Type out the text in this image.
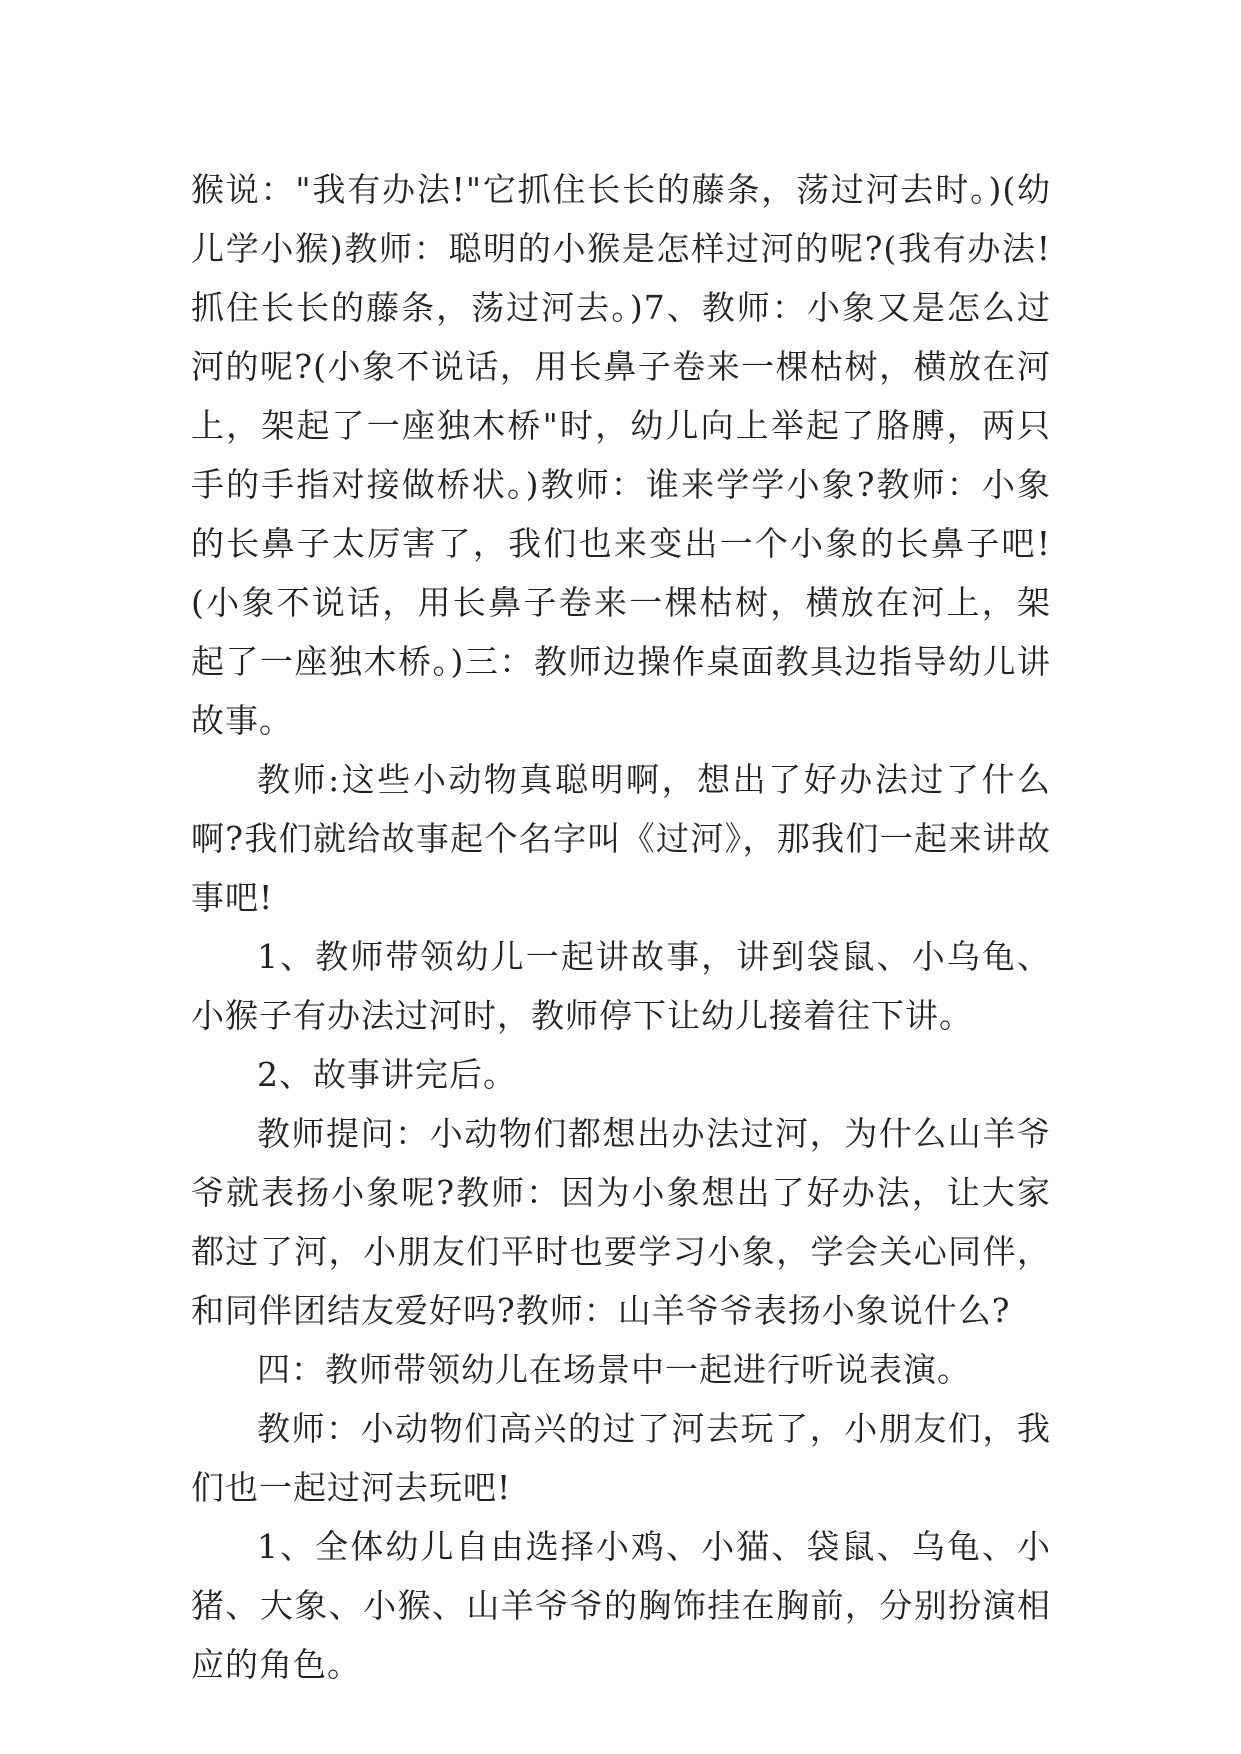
猴说："我有办法!"它抓住长长的藤条，荡过河去时。)(幼儿学小猴)教师：聪明的小猴是怎样过河的呢?(我有办法!抓住长长的藤条，荡过河去。)7、教师：小象又是怎么过河的呢?(小象不说话，用长鼻子卷来一棵枯树，横放在河上，架起了一座独木桥"时，幼儿向上举起了胳膊，两只手的手指对接做桥状。)教师：谁来学学小象?教师：小象的长鼻子太厉害了，我们也来变出一个小象的长鼻子吧!(小象不说话，用长鼻子卷来一棵枯树，横放在河上，架起了一座独木桥。)三：教师边操作桌面教具边指导幼儿讲故事。

教师:这些小动物真聪明啊，想出了好办法过了什么啊?我们就给故事起个名字叫《过河》，那我们一起来讲故事吧!

1、教师带领幼儿一起讲故事，讲到袋鼠、小乌龟、小猴子有办法过河时，教师停下让幼儿接着往下讲。

2、故事讲完后。

教师提问：小动物们都想出办法过河，为什么山羊爷爷就表扬小象呢?教师：因为小象想出了好办法，让大家都过了河，小朋友们平时也要学习小象，学会关心同伴，和同伴团结友爱好吗?教师：山羊爷爷表扬小象说什么?

四：教师带领幼儿在场景中一起进行听说表演。

教师：小动物们高兴的过了河去玩了，小朋友们，我们也一起过河去玩吧!

1、全体幼儿自由选择小鸡、小猫、袋鼠、乌龟、小猪、大象、小猴、山羊爷爷的胸饰挂在胸前，分别扮演相应的角色。
